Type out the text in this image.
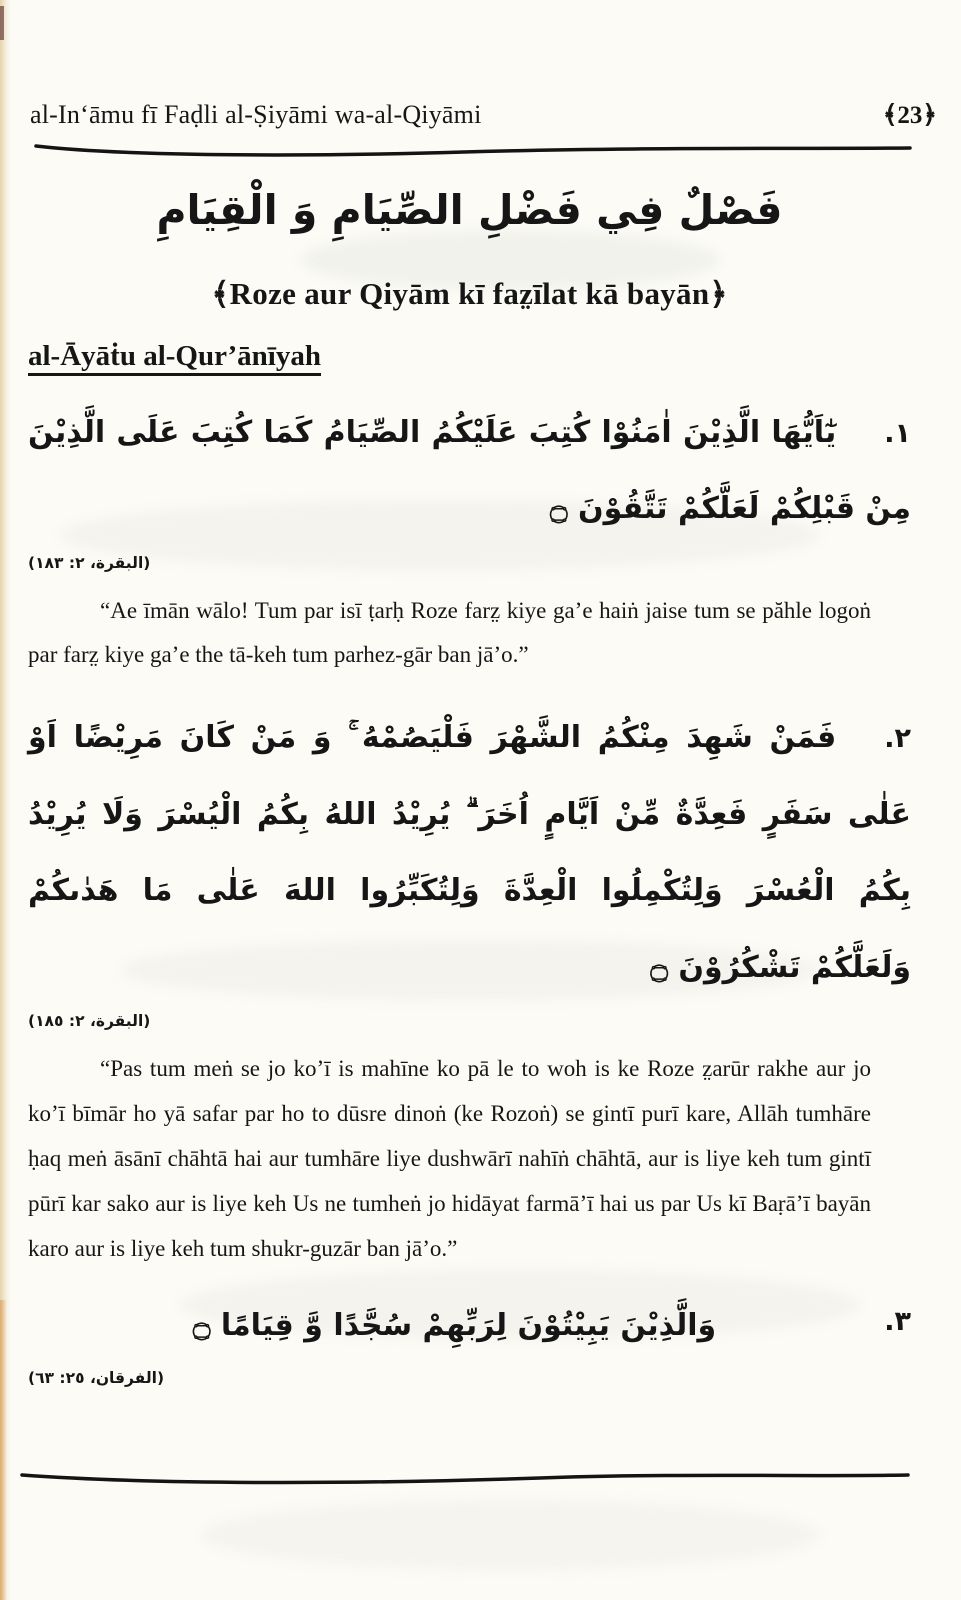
al-In‘āmu fī Faḍli al-Ṣiyāmi wa-al-Qiyāmi	﴾23﴿
فَصْلٌ فِي فَضْلِ الصِّيَامِ وَ الْقِيَامِ
﴾Roze aur Qiyām kī faz̤īlat kā bayān﴿
al-Āyāṫu al-Qur’ānīyah
١.يٰٓاَيُّهَا الَّذِيْنَ اٰمَنُوْا كُتِبَ عَلَيْكُمُ الصِّيَامُ كَمَا كُتِبَ عَلَى الَّذِيْنَ مِنْ قَبْلِكُمْ لَعَلَّكُمْ تَتَّقُوْنَ ۝
(البقرة، ٢: ١٨٣)
“Ae īmān wālo! Tum par isī ṭarḥ Roze farz̤ kiye ga’e haiṅ jaise tum se păhle logoṅ par farz̤ kiye ga’e the tā-keh tum parhez-gār ban jā’o.”
٢.فَمَنْ شَهِدَ مِنْكُمُ الشَّهْرَ فَلْيَصُمْهُ ۚ وَ مَنْ كَانَ مَرِيْضًا اَوْ عَلٰى سَفَرٍ فَعِدَّةٌ مِّنْ اَيَّامٍ اُخَرَ ۗ يُرِيْدُ اللهُ بِكُمُ الْيُسْرَ وَلَا يُرِيْدُ بِكُمُ الْعُسْرَ وَلِتُكْمِلُوا الْعِدَّةَ وَلِتُكَبِّرُوا اللهَ عَلٰى مَا هَدٰىكُمْ وَلَعَلَّكُمْ تَشْكُرُوْنَ ۝
(البقرة، ٢: ١٨٥)
“Pas tum meṅ se jo ko’ī is mahīne ko pā le to woh is ke Roze z̤arūr rakhe aur jo ko’ī bīmār ho yā safar par ho to dūsre dinoṅ (ke Rozoṅ) se gintī purī kare, Allāh tumhāre ḥaq meṅ āsānī chāhtā hai aur tumhāre liye dushwārī nahīṅ chāhtā, aur is liye keh tum gintī pūrī kar sako aur is liye keh Us ne tumheṅ jo hidāyat farmā’ī hai us par Us kī Baṛā’ī bayān karo aur is liye keh tum shukr-guzār ban jā’o.”
٣.
وَالَّذِيْنَ يَبِيْتُوْنَ لِرَبِّهِمْ سُجَّدًا وَّ قِيَامًا ۝
(الفرقان، ٢٥: ٦٣)
